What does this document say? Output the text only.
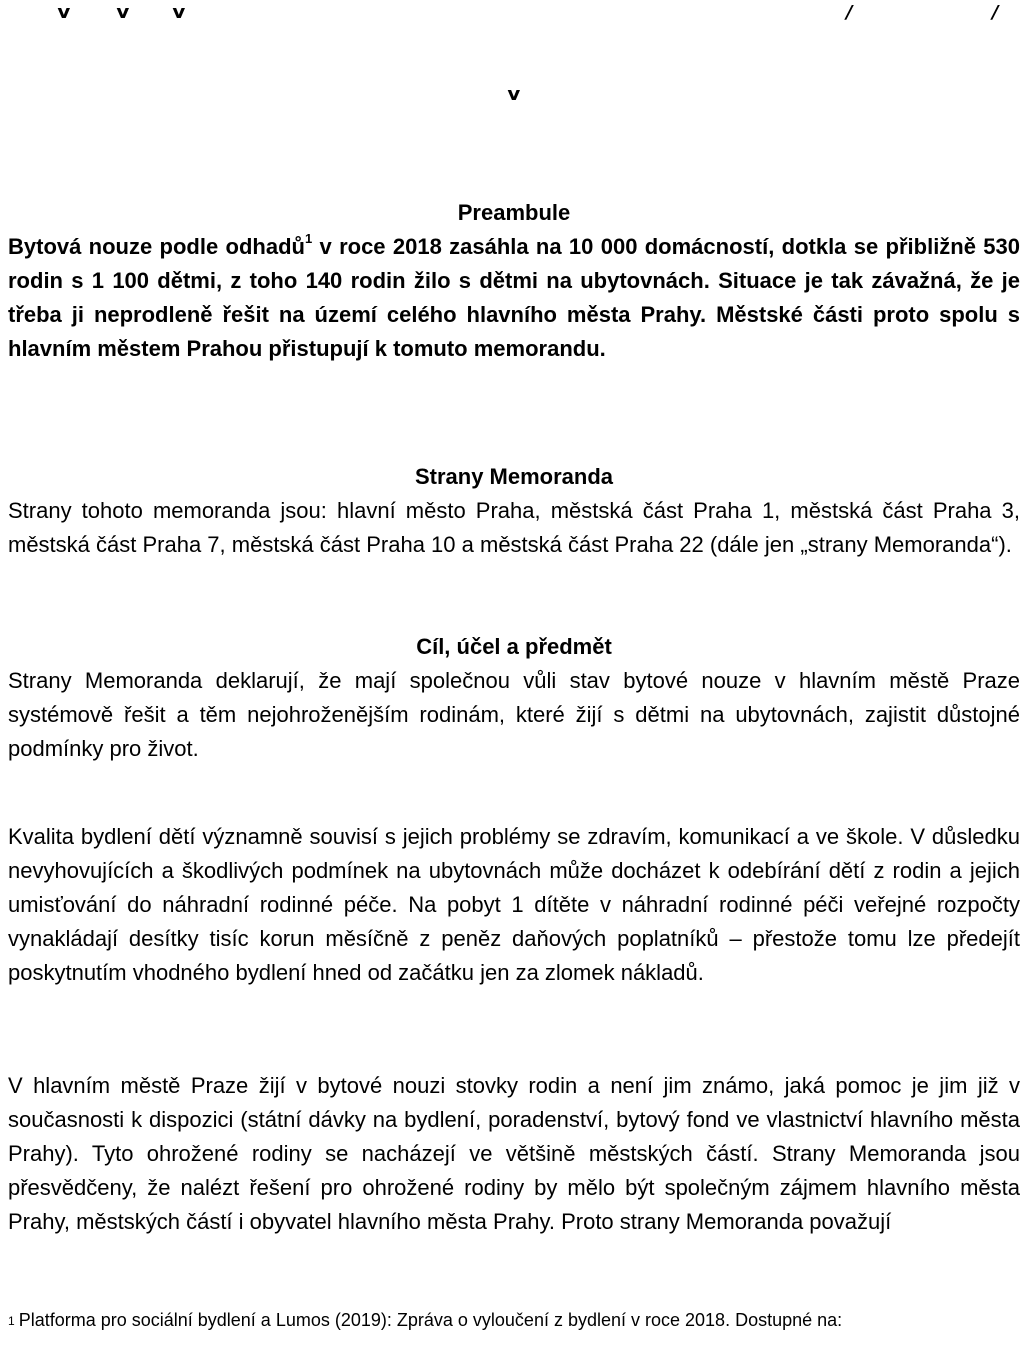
v	v v	/	/
v

Preambule

Bytová nouze podle odhadů$^1$ v roce 2018 zasáhla na 10 000 domácností, dotkla se přibližně 530 rodin s 1 100 dětmi, z toho 140 rodin žilo s dětmi na ubytovnách. Situace je tak závažná, že je třeba ji neprodleně řešit na území celého hlavního města Prahy. Městské části proto spolu s hlavním městem Prahou přistupují k tomuto memorandu.

Strany Memoranda

Strany tohoto memoranda jsou: hlavní město Praha, městská část Praha 1, městská část Praha 3, městská část Praha 7, městská část Praha 10 a městská část Praha 22 (dále jen „strany Memoranda“).

Cíl, účel a předmět

Strany Memoranda deklarují, že mají společnou vůli stav bytové nouze v hlavním městě Praze systémově řešit a těm nejohroženějším rodinám, které žijí s dětmi na ubytovnách, zajistit důstojné podmínky pro život.

Kvalita bydlení dětí významně souvisí s jejich problémy se zdravím, komunikací a ve škole. V důsledku nevyhovujících a škodlivých podmínek na ubytovnách může docházet k odebírání dětí z rodin a jejich umisťování do náhradní rodinné péče. Na pobyt 1 dítěte v náhradní rodinné péči veřejné rozpočty vynakládají desítky tisíc korun měsíčně z peněz daňových poplatníků – přestože tomu lze předejít poskytnutím vhodného bydlení hned od začátku jen za zlomek nákladů.

V hlavním městě Praze žijí v bytové nouzi stovky rodin a není jim známo, jaká pomoc je jim již v současnosti k dispozici (státní dávky na bydlení, poradenství, bytový fond ve vlastnictví hlavního města Prahy). Tyto ohrožené rodiny se nacházejí ve většině městských částí. Strany Memoranda jsou přesvědčeny, že nalézt řešení pro ohrožené rodiny by mělo být společným zájmem hlavního města Prahy, městských částí i obyvatel hlavního města Prahy. Proto strany Memoranda považují

$^1$ Platforma pro sociální bydlení a Lumos (2019): Zpráva o vyloučení z bydlení v roce 2018. Dostupné na:
